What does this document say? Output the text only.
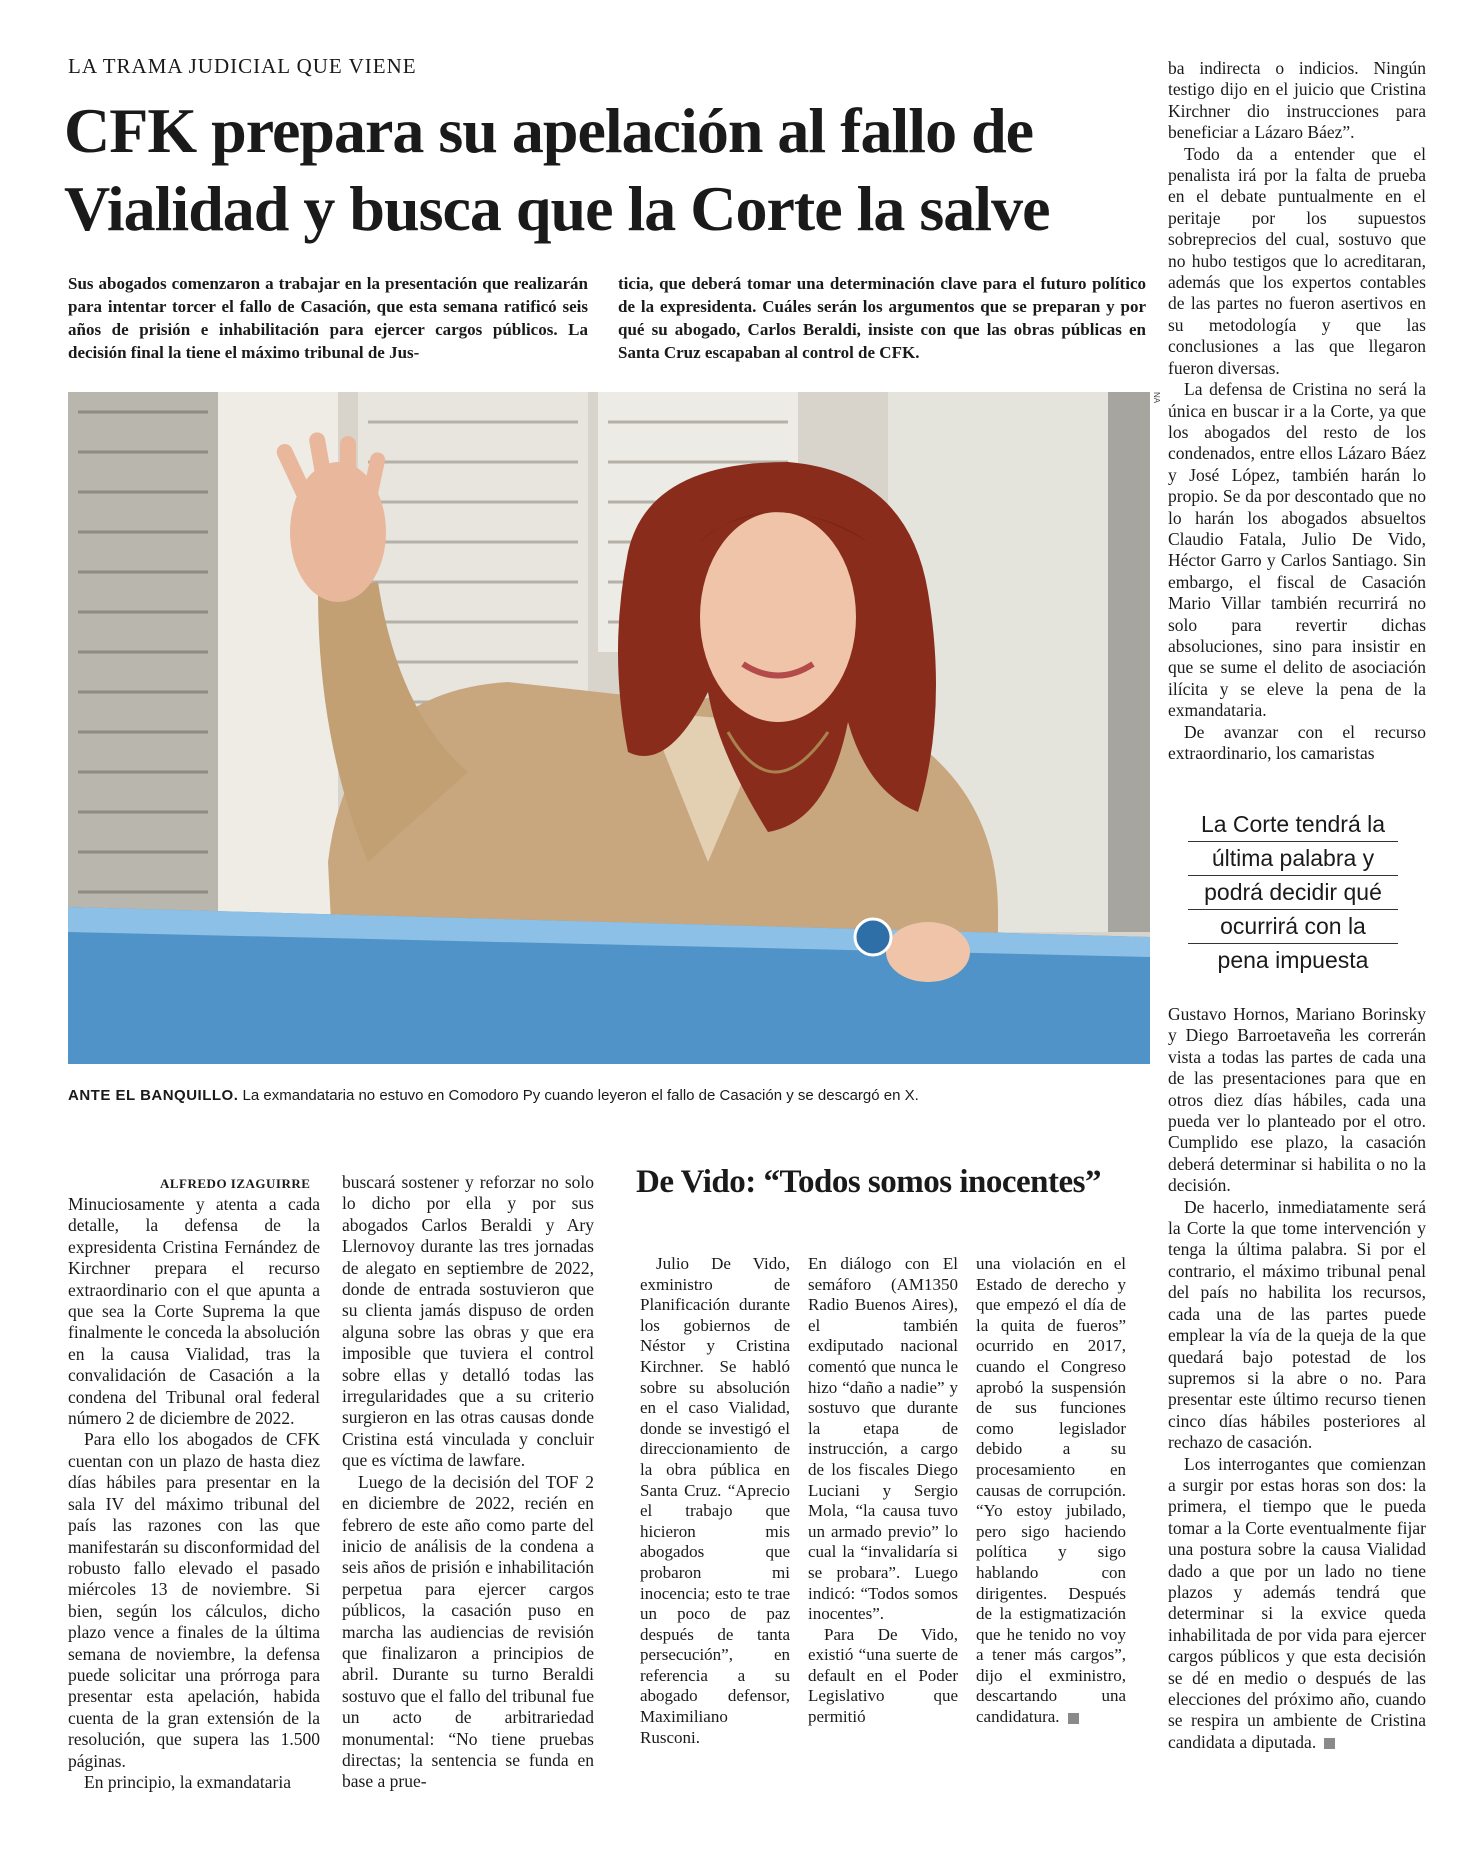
LA TRAMA JUDICIAL QUE VIENE
CFK prepara su apelación al fallo de
Vialidad y busca que la Corte la salve
Sus abogados comenzaron a trabajar en la presentación que realizarán para intentar torcer el fallo de Casación, que esta semana ratificó seis años de prisión e inhabilitación para ejercer cargos públicos. La decisión final la tiene el máximo tribunal de Jus-
ticia, que deberá tomar una determinación clave para el futuro político de la expresidenta. Cuáles serán los argumentos que se preparan y por qué su abogado, Carlos Beraldi, insiste con que las obras públicas en Santa Cruz escapaban al control de CFK.
NA
ANTE EL BANQUILLO. La exmandataria no estuvo en Comodoro Py cuando leyeron el fallo de Casación y se descargó en X.
ALFREDO IZAGUIRRE

Minuciosamente y atenta a cada detalle, la defensa de la expresidenta Cristina Fernández de Kirchner prepara el recurso extraordinario con el que apunta a que sea la Corte Suprema la que finalmente le conceda la absolución en la causa Vialidad, tras la convalidación de Casación a la condena del Tribunal oral federal número 2 de diciembre de 2022.

Para ello los abogados de CFK cuentan con un plazo de hasta diez días hábiles para presentar en la sala IV del máximo tribunal del país las razones con las que manifestarán su disconformidad del robusto fallo elevado el pasado miércoles 13 de noviembre. Si bien, según los cálculos, dicho plazo vence a finales de la última semana de noviembre, la defensa puede solicitar una prórroga para presentar esta apelación, habida cuenta de la gran extensión de la resolución, que supera las 1.500 páginas.

En principio, la exmandataria

buscará sostener y reforzar no solo lo dicho por ella y por sus abogados Carlos Beraldi y Ary Llernovoy durante las tres jornadas de alegato en septiembre de 2022, donde de entrada sostuvieron que su clienta jamás dispuso de orden alguna sobre las obras y que era imposible que tuviera el control sobre ellas y detalló todas las irregularidades que a su criterio surgieron en las otras causas donde Cristina está vinculada y concluir que es víctima de lawfare.

Luego de la decisión del TOF 2 en diciembre de 2022, recién en febrero de este año como parte del inicio de análisis de la condena a seis años de prisión e inhabilitación perpetua para ejercer cargos públicos, la casación puso en marcha las audiencias de revisión que finalizaron a principios de abril. Durante su turno Beraldi sostuvo que el fallo del tribunal fue un acto de arbitrariedad monumental: “No tiene pruebas directas; la sentencia se funda en base a prue-

De Vido: “Todos somos inocentes”

Julio De Vido, exministro de Planificación durante los gobiernos de Néstor y Cristina Kirchner. Se habló sobre su absolución en el caso Vialidad, donde se investigó el direccionamiento de la obra pública en Santa Cruz. “Aprecio el trabajo que hicieron mis abogados que probaron mi inocencia; esto te trae un poco de paz después de tanta persecución”, en referencia a su abogado defensor, Maximiliano Rusconi.

En diálogo con El semáforo (AM1350 Radio Buenos Aires), el también exdiputado nacional comentó que nunca le hizo “daño a nadie” y sostuvo que durante la etapa de instrucción, a cargo de los fiscales Diego Luciani y Sergio Mola, “la causa tuvo un armado previo” lo cual la “invalidaría si se probara”. Luego indicó: “Todos somos inocentes”.

Para De Vido, existió “una suerte de default en el Poder Legislativo que permitió

una violación en el Estado de derecho y que empezó el día de la quita de fueros” ocurrido en 2017, cuando el Congreso aprobó la suspensión de sus funciones como legislador debido a su procesamiento en causas de corrupción. “Yo estoy jubilado, pero sigo haciendo política y sigo hablando con dirigentes. Después de la estigmatización que he tenido no voy a tener más cargos”, dijo el exministro, descartando una candidatura.

ba indirecta o indicios. Ningún testigo dijo en el juicio que Cristina Kirchner dio instrucciones para beneficiar a Lázaro Báez”.

Todo da a entender que el penalista irá por la falta de prueba en el debate puntualmente en el peritaje por los supuestos sobreprecios del cual, sostuvo que no hubo testigos que lo acreditaran, además que los expertos contables de las partes no fueron asertivos en su metodología y que las conclusiones a las que llegaron fueron diversas.

La defensa de Cristina no será la única en buscar ir a la Corte, ya que los abogados del resto de los condenados, entre ellos Lázaro Báez y José López, también harán lo propio. Se da por descontado que no lo harán los abogados absueltos Claudio Fatala, Julio De Vido, Héctor Garro y Carlos Santiago. Sin embargo, el fiscal de Casación Mario Villar también recurrirá no solo para revertir dichas absoluciones, sino para insistir en que se sume el delito de asociación ilícita y se eleve la pena de la exmandataria.

De avanzar con el recurso extraordinario, los camaristas

La Corte tendrá la
última palabra y
podrá decidir qué
ocurrirá con la
pena impuesta

Gustavo Hornos, Mariano Borinsky y Diego Barroetaveña les correrán vista a todas las partes de cada una de las presentaciones para que en otros diez días hábiles, cada una pueda ver lo planteado por el otro. Cumplido ese plazo, la casación deberá determinar si habilita o no la decisión.

De hacerlo, inmediatamente será la Corte la que tome intervención y tenga la última palabra. Si por el contrario, el máximo tribunal penal del país no habilita los recursos, cada una de las partes puede emplear la vía de la queja de la que quedará bajo potestad de los supremos si la abre o no. Para presentar este último recurso tienen cinco días hábiles posteriores al rechazo de casación.

Los interrogantes que comienzan a surgir por estas horas son dos: la primera, el tiempo que le pueda tomar a la Corte eventualmente fijar una postura sobre la causa Vialidad dado a que por un lado no tiene plazos y además tendrá que determinar si la exvice queda inhabilitada de por vida para ejercer cargos públicos y que esta decisión se dé en medio o después de las elecciones del próximo año, cuando se respira un ambiente de Cristina candidata a diputada.
